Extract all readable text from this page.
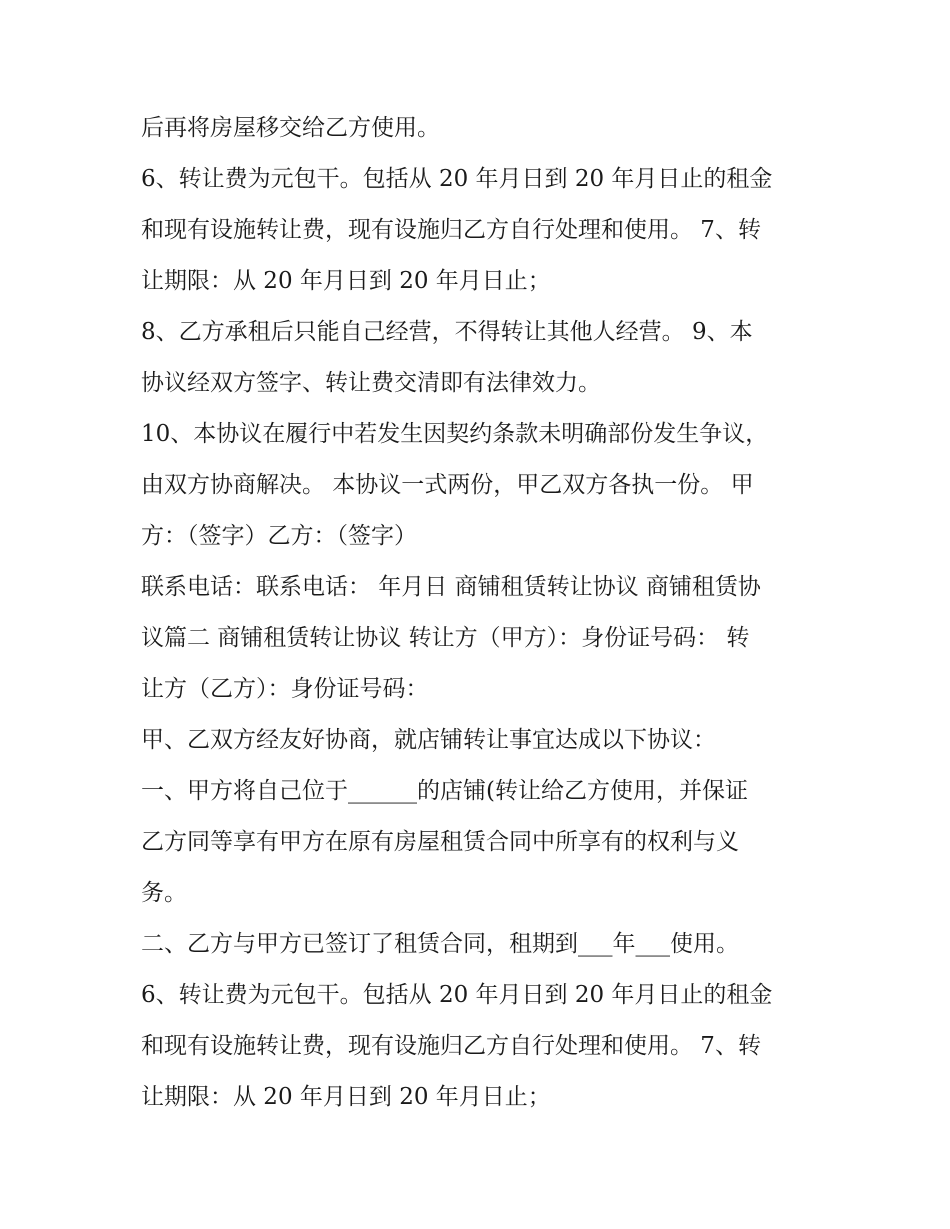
后再将房屋移交给乙方使用。
6、转让费为元包干。包括从 20 年月日到 20 年月日止的租金
和现有设施转让费，现有设施归乙方自行处理和使用。 7、转
让期限：从 20 年月日到 20 年月日止；
8、乙方承租后只能自己经营，不得转让其他人经营。 9、本
协议经双方签字、转让费交清即有法律效力。
10、本协议在履行中若发生因契约条款未明确部份发生争议，
由双方协商解决。 本协议一式两份，甲乙双方各执一份。 甲
方：（签字）乙方：（签字）
联系电话：联系电话： 年月日 商铺租赁转让协议 商铺租赁协
议篇二 商铺租赁转让协议 转让方（甲方）：身份证号码： 转
让方（乙方）：身份证号码：
甲、乙双方经友好协商，就店铺转让事宜达成以下协议：
一、甲方将自己位于______的店铺(转让给乙方使用，并保证
乙方同等享有甲方在原有房屋租赁合同中所享有的权利与义
务。
二、乙方与甲方已签订了租赁合同，租期到___年___使用。
6、转让费为元包干。包括从 20 年月日到 20 年月日止的租金
和现有设施转让费，现有设施归乙方自行处理和使用。 7、转
让期限：从 20 年月日到 20 年月日止；
